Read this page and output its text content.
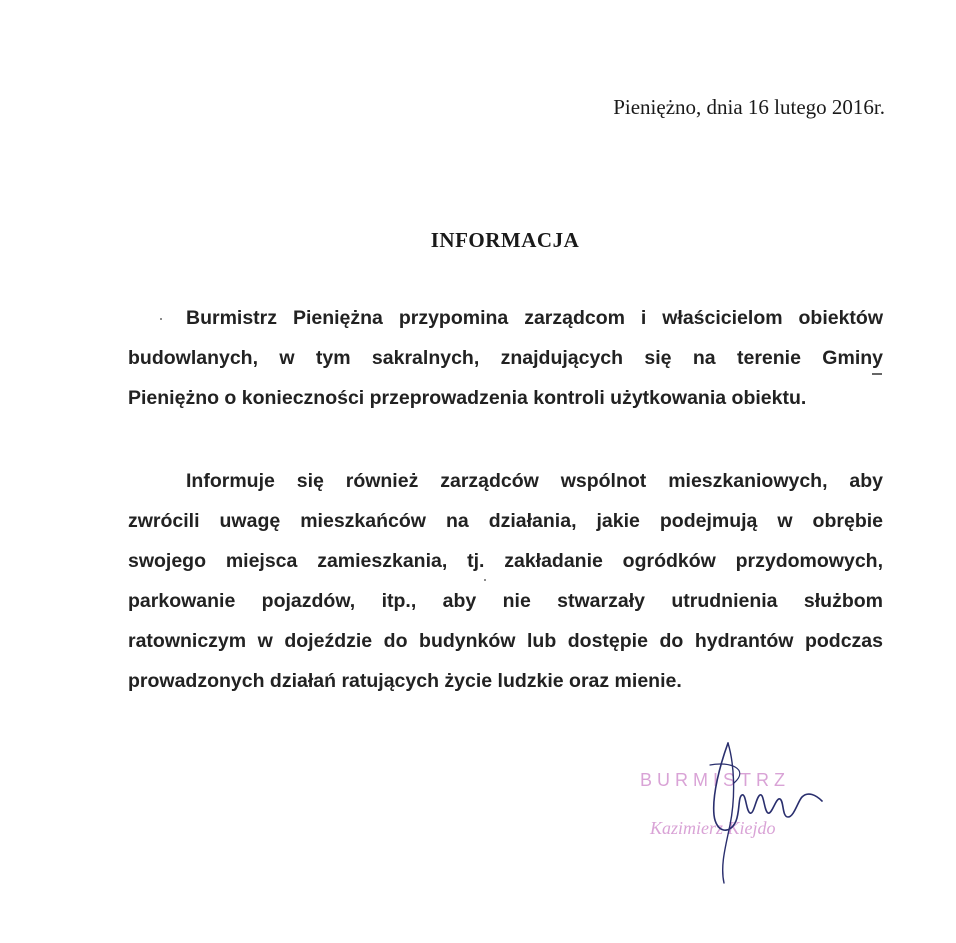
Pieniężno, dnia 16 lutego 2016r.
INFORMACJA
Burmistrz Pieniężna przypomina zarządcom i właścicielom obiektów
budowlanych, w tym sakralnych, znajdujących się na terenie Gminy
Pieniężno o konieczności przeprowadzenia kontroli użytkowania obiektu.
Informuje się również zarządców wspólnot mieszkaniowych, aby
zwrócili uwagę mieszkańców na działania, jakie podejmują w obrębie
swojego miejsca zamieszkania, tj. zakładanie ogródków przydomowych,
parkowanie pojazdów, itp., aby nie stwarzały utrudnienia służbom
ratowniczym w dojeździe do budynków lub dostępie do hydrantów podczas
prowadzonych działań ratujących życie ludzkie oraz mienie.
BURMISTRZ
Kazimierz Kiejdo
